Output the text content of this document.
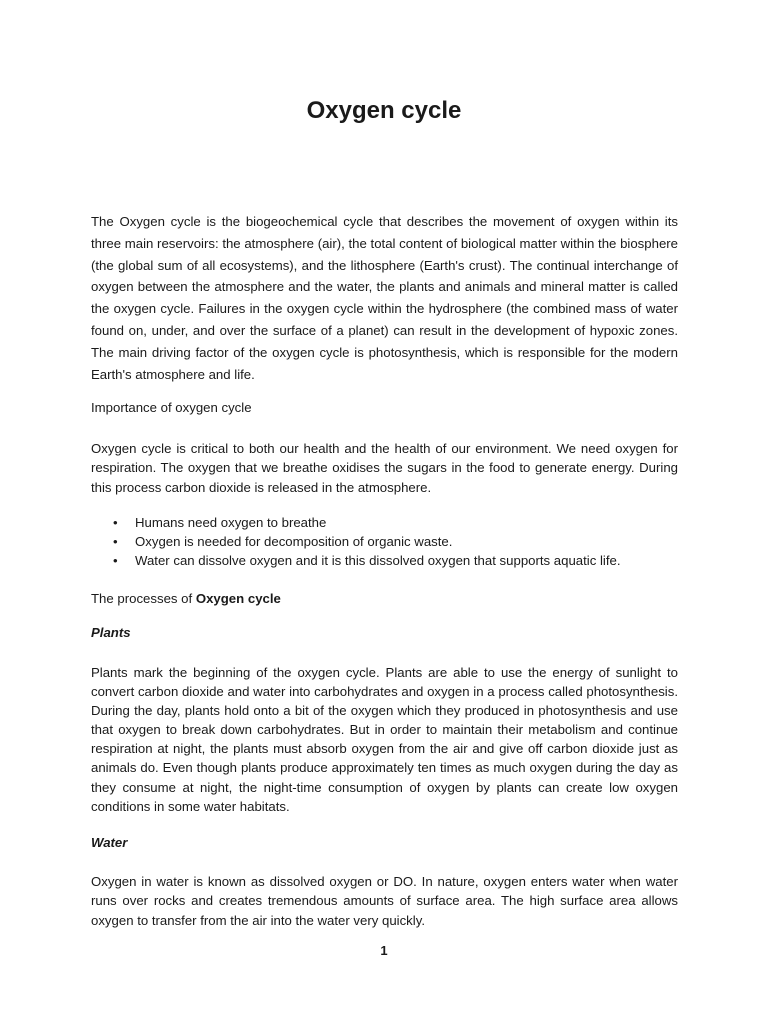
Oxygen cycle

The Oxygen cycle is the biogeochemical cycle that describes the movement of oxygen within its three main reservoirs: the atmosphere (air), the total content of biological matter within the biosphere (the global sum of all ecosystems), and the lithosphere (Earth's crust). The continual interchange of oxygen between the atmosphere and the water, the plants and animals and mineral matter is called the oxygen cycle. Failures in the oxygen cycle within the hydrosphere (the combined mass of water found on, under, and over the surface of a planet) can result in the development of hypoxic zones. The main driving factor of the oxygen cycle is photosynthesis, which is responsible for the modern Earth's atmosphere and life.

Importance of oxygen cycle

Oxygen cycle is critical to both our health and the health of our environment. We need oxygen for respiration. The oxygen that we breathe oxidises the sugars in the food to generate energy. During this process carbon dioxide is released in the atmosphere.

• Humans need oxygen to breathe
• Oxygen is needed for decomposition of organic waste.
• Water can dissolve oxygen and it is this dissolved oxygen that supports aquatic life.

The processes of Oxygen cycle

Plants

Plants mark the beginning of the oxygen cycle. Plants are able to use the energy of sunlight to convert carbon dioxide and water into carbohydrates and oxygen in a process called photosynthesis. During the day, plants hold onto a bit of the oxygen which they produced in photosynthesis and use that oxygen to break down carbohydrates. But in order to maintain their metabolism and continue respiration at night, the plants must absorb oxygen from the air and give off carbon dioxide just as animals do. Even though plants produce approximately ten times as much oxygen during the day as they consume at night, the night-time consumption of oxygen by plants can create low oxygen conditions in some water habitats.

Water

Oxygen in water is known as dissolved oxygen or DO. In nature, oxygen enters water when water runs over rocks and creates tremendous amounts of surface area. The high surface area allows oxygen to transfer from the air into the water very quickly.

1
